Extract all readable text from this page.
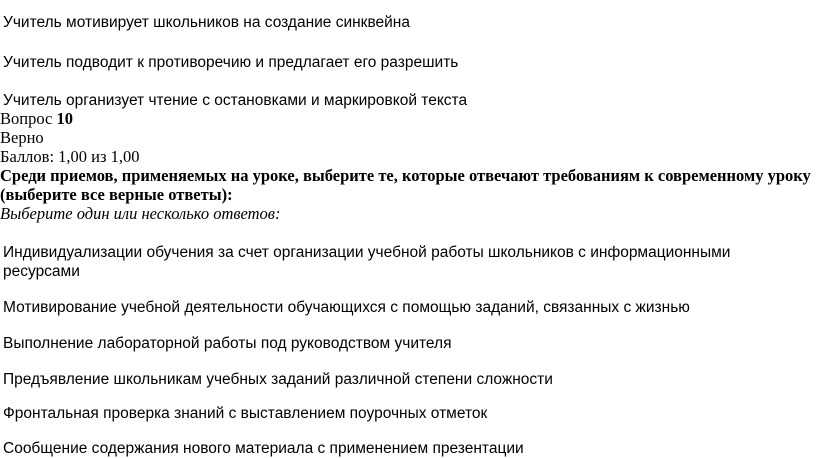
Учитель мотивирует школьников на создание синквейна
Учитель подводит к противоречию и предлагает его разрешить
Учитель организует чтение с остановками и маркировкой текста
Вопрос 10
Верно
Баллов: 1,00 из 1,00
Среди приемов, применяемых на уроке, выберите те, которые отвечают требованиям к современному уроку (выберите все верные ответы):
Выберите один или несколько ответов:
Индивидуализации обучения за счет организации учебной работы школьников с информационными ресурсами
Мотивирование учебной деятельности обучающихся с помощью заданий, связанных с жизнью
Выполнение лабораторной работы под руководством учителя
Предъявление школьникам учебных заданий различной степени сложности
Фронтальная проверка знаний с выставлением поурочных отметок
Сообщение содержания нового материала с применением презентации
